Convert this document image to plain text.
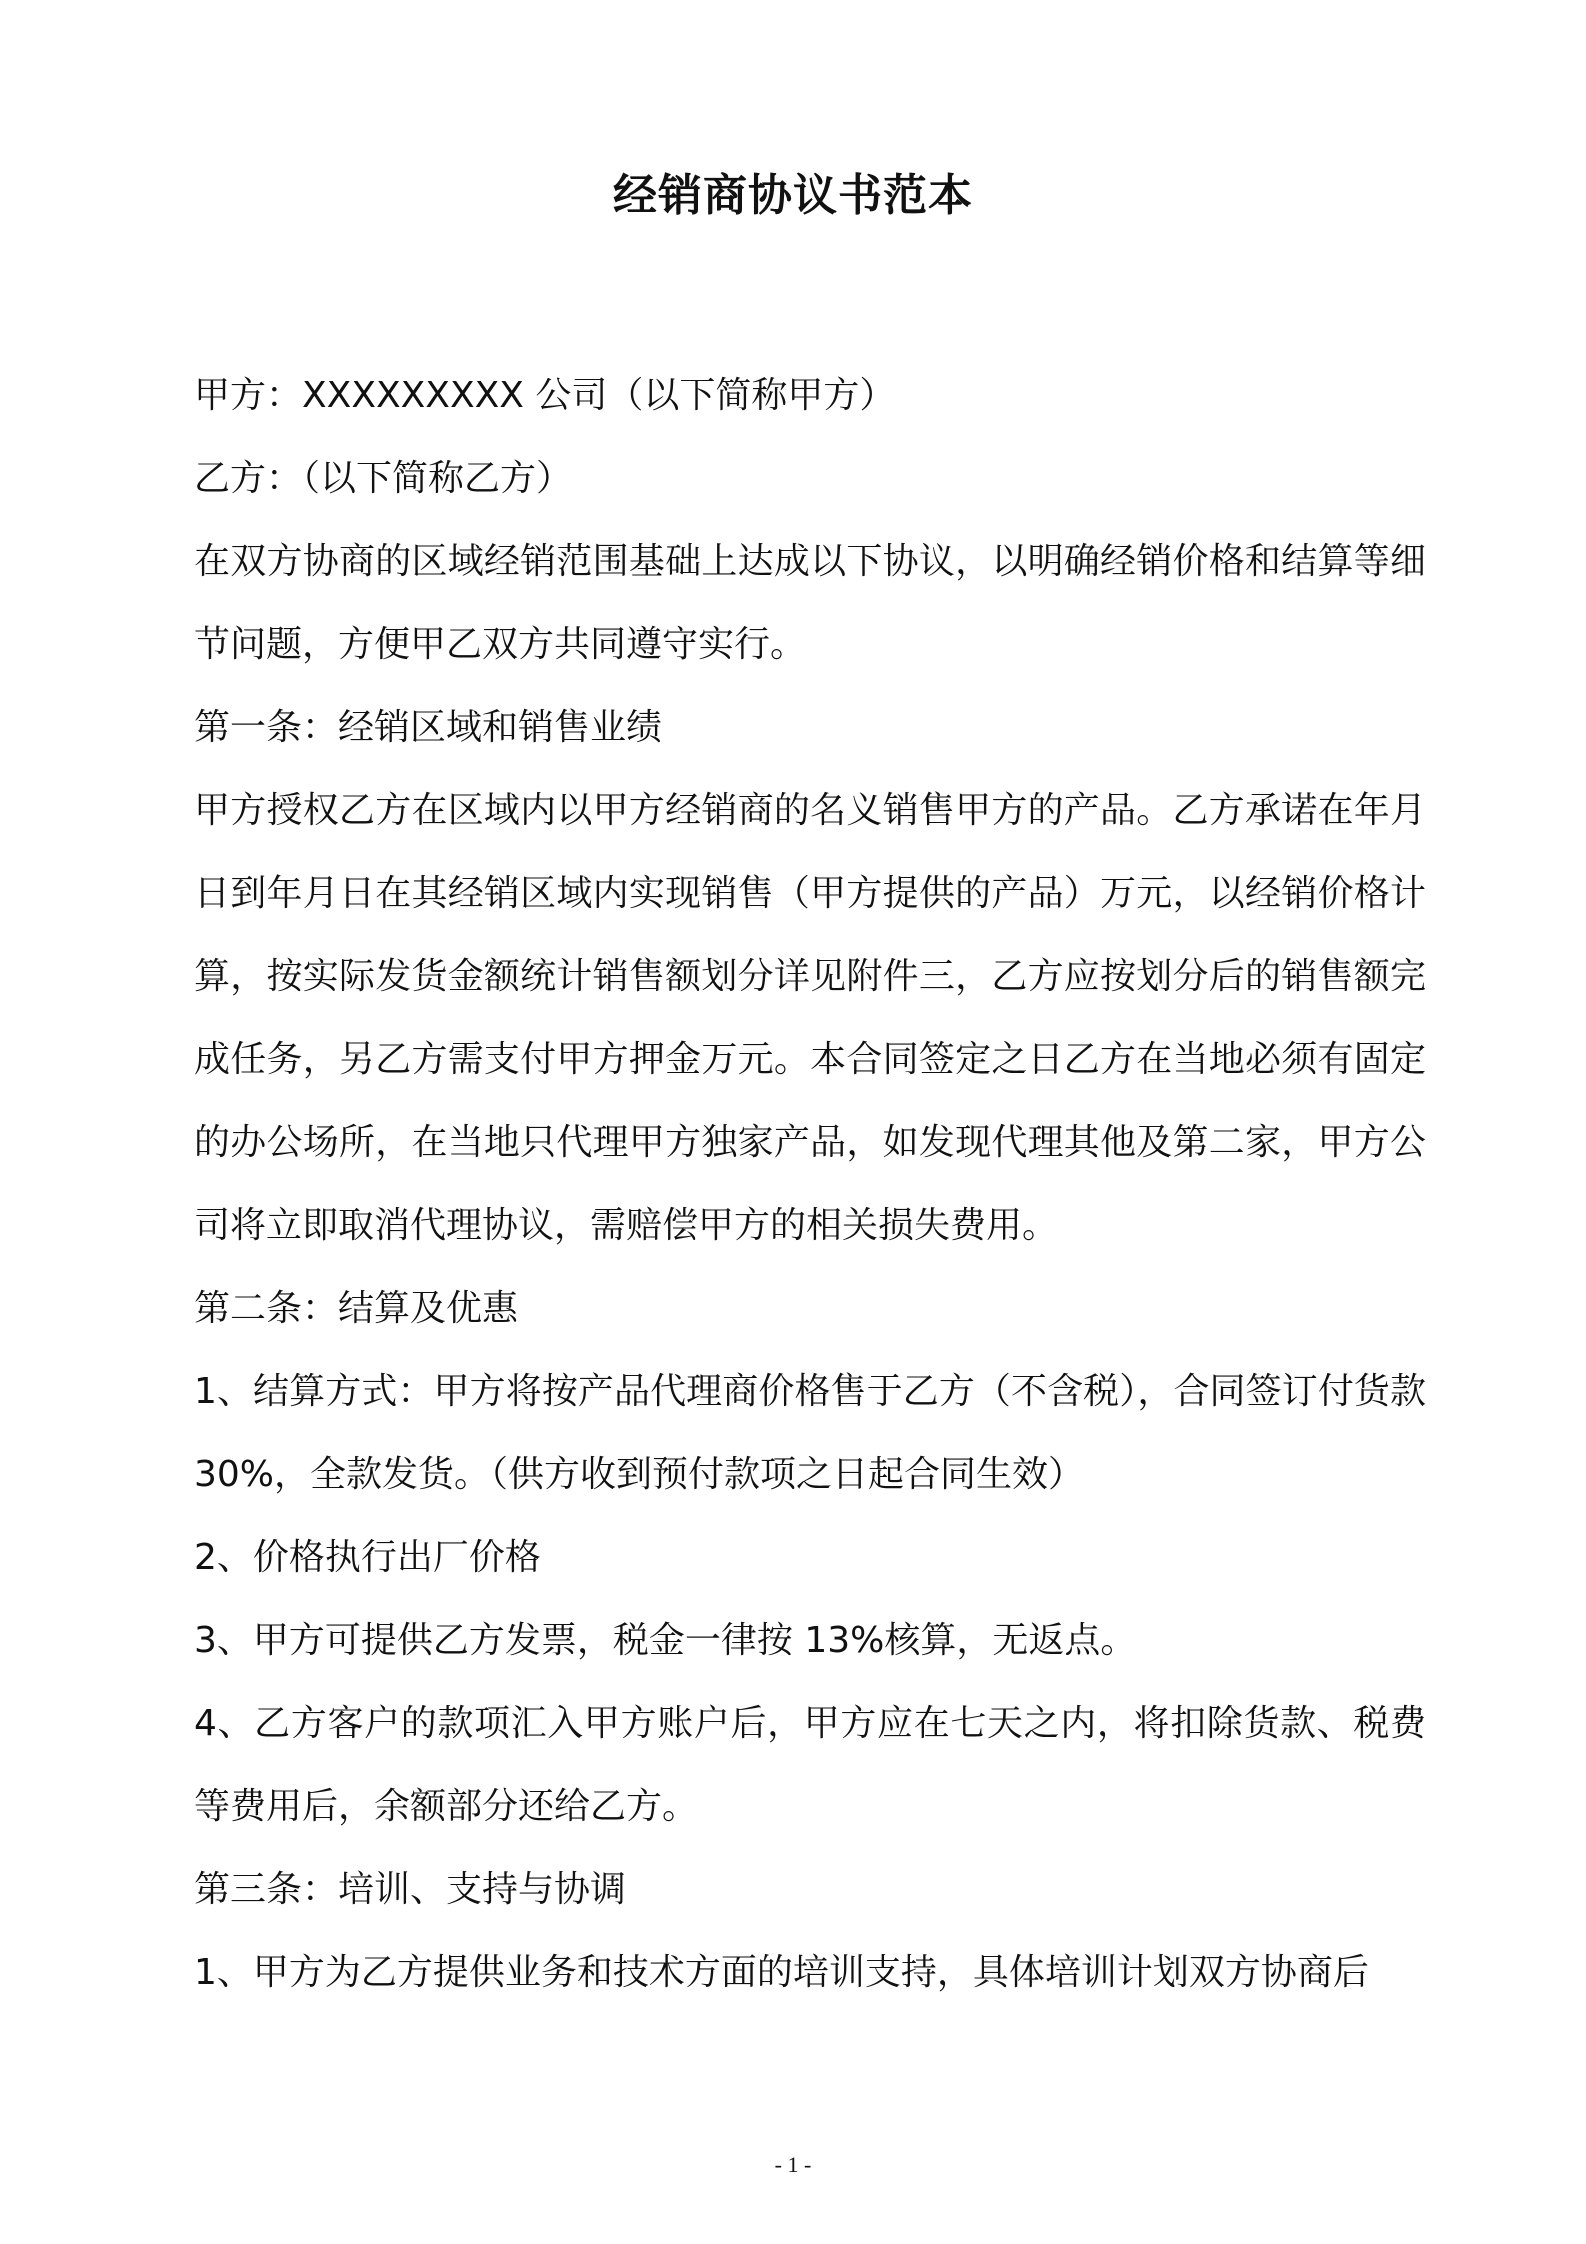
经销商协议书范本

甲方：XXXXXXXXX 公司（以下简称甲方）

乙方：（以下简称乙方）

在双方协商的区域经销范围基础上达成以下协议，以明确经销价格和结算等细节问题，方便甲乙双方共同遵守实行。

第一条：经销区域和销售业绩

甲方授权乙方在区域内以甲方经销商的名义销售甲方的产品。乙方承诺在年月日到年月日在其经销区域内实现销售（甲方提供的产品）万元，以经销价格计算，按实际发货金额统计销售额划分详见附件三，乙方应按划分后的销售额完成任务，另乙方需支付甲方押金万元。本合同签定之日乙方在当地必须有固定的办公场所，在当地只代理甲方独家产品，如发现代理其他及第二家，甲方公司将立即取消代理协议，需赔偿甲方的相关损失费用。

第二条：结算及优惠

1、结算方式：甲方将按产品代理商价格售于乙方（不含税），合同签订付货款 30%，全款发货。（供方收到预付款项之日起合同生效）

2、价格执行出厂价格

3、甲方可提供乙方发票，税金一律按 13%核算，无返点。

4、乙方客户的款项汇入甲方账户后，甲方应在七天之内，将扣除货款、税费等费用后，余额部分还给乙方。

第三条：培训、支持与协调

1、甲方为乙方提供业务和技术方面的培训支持，具体培训计划双方协商后

- 1 -
